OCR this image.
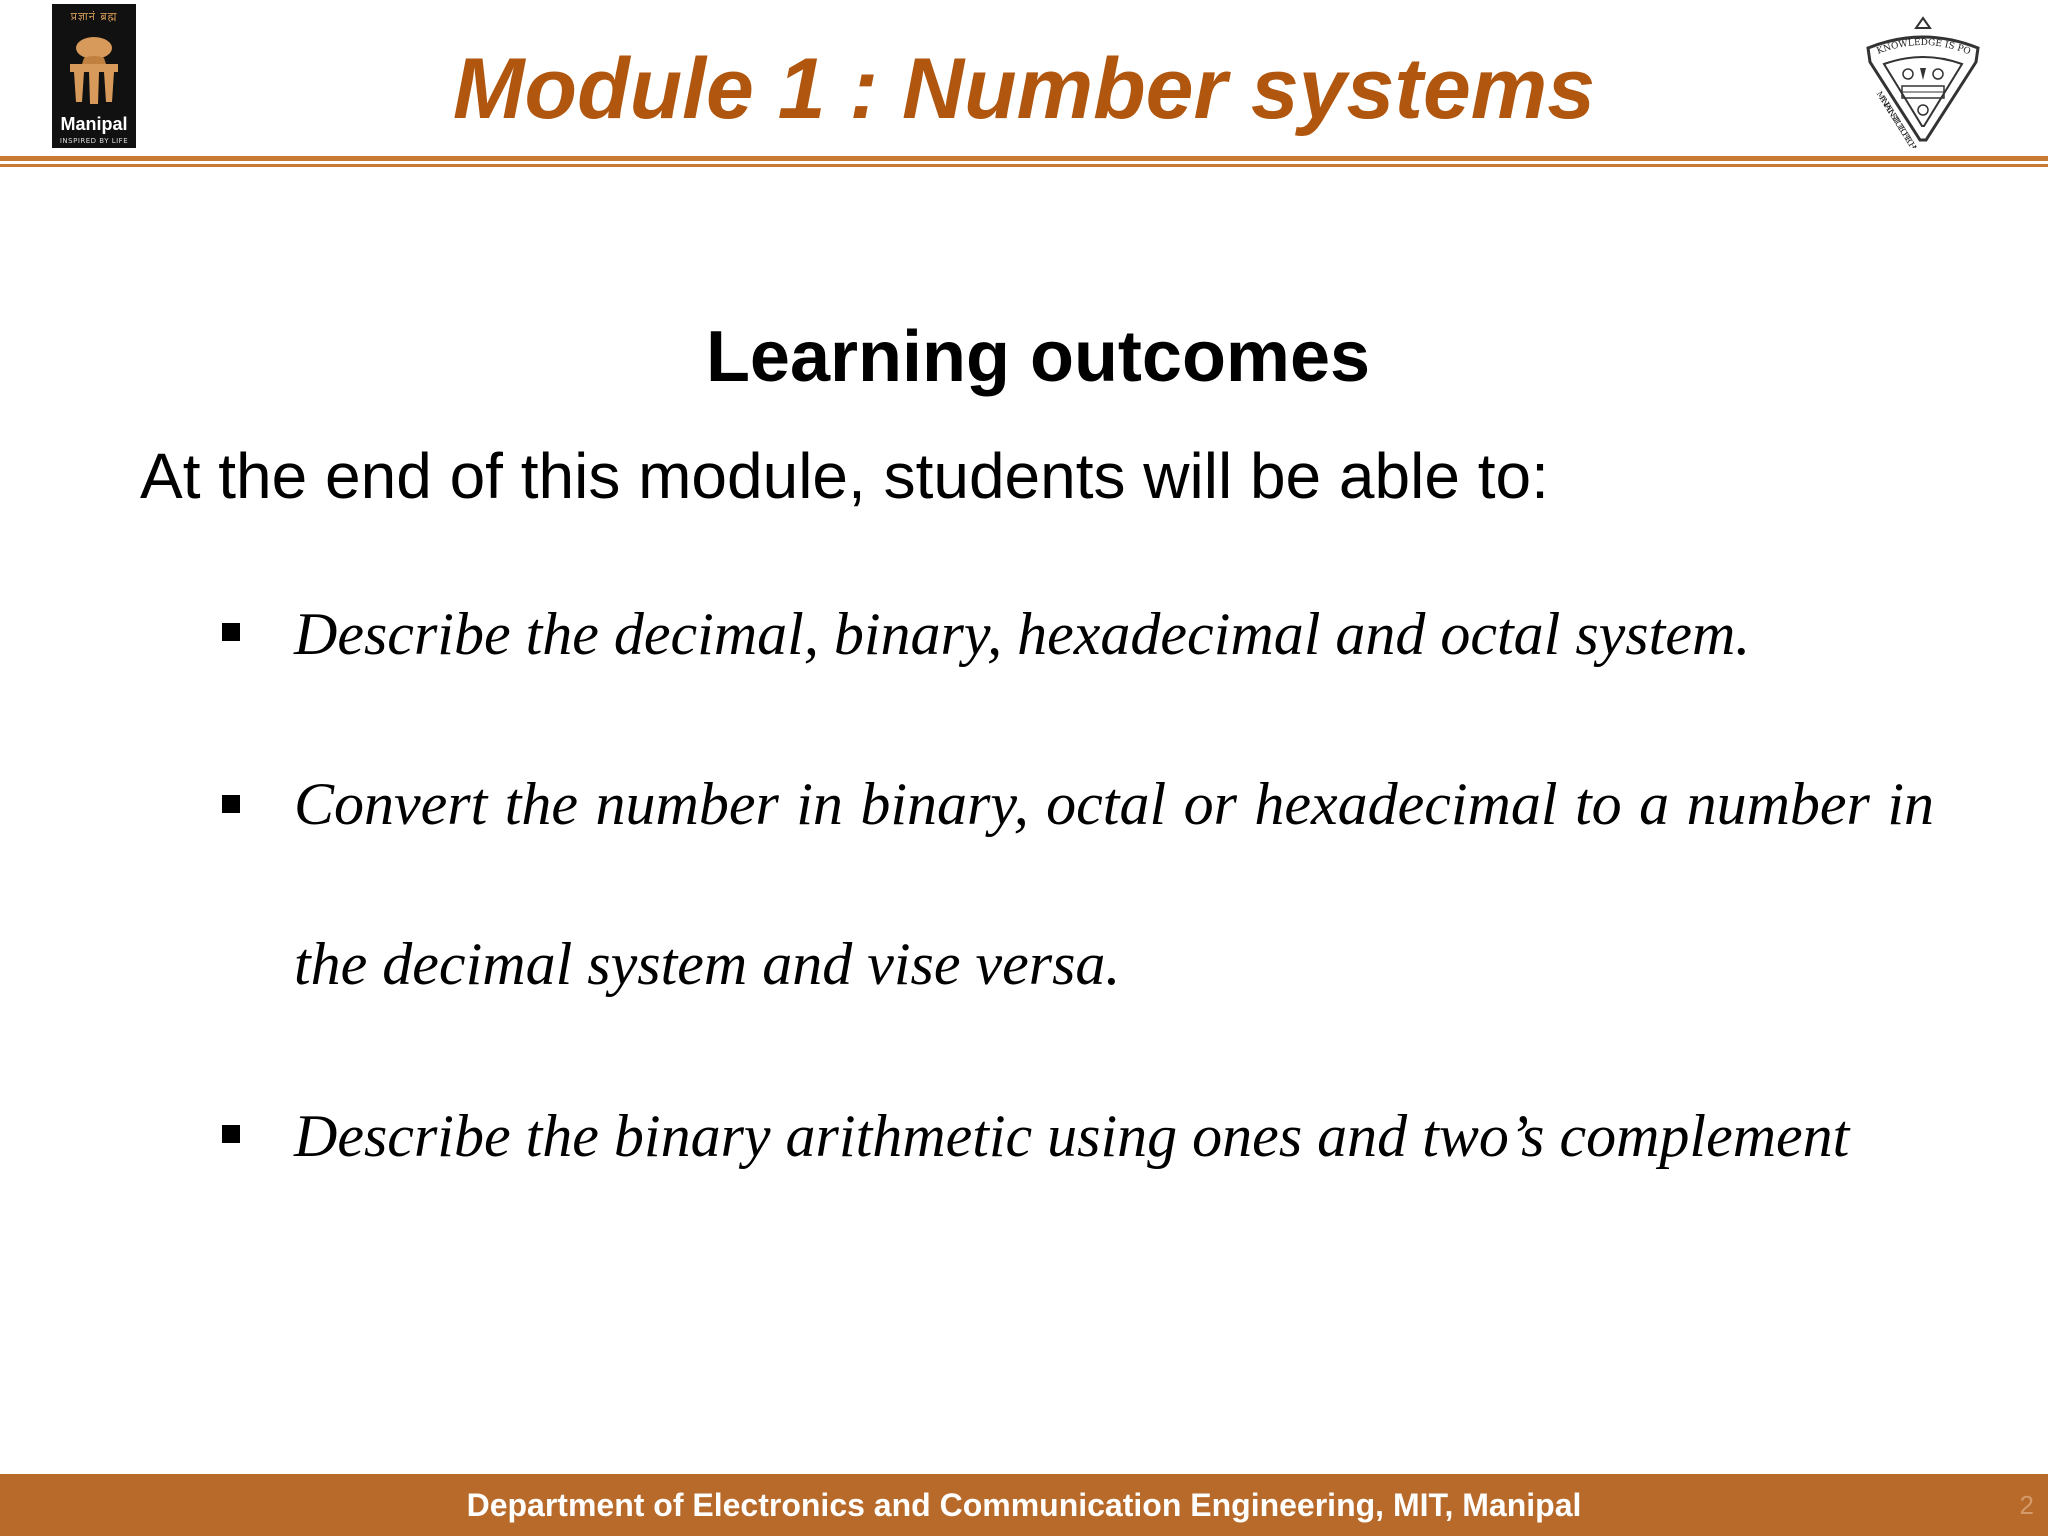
प्रज्ञानं ब्रह्म
Manipal
INSPIRED BY LIFE
Module 1 : Number systems	KNOWLEDGE IS PO
MANIPAL INSTITUTE OF TECHNOLOGY
Learning outcomes

At the end of this module, students will be able to:

Describe the decimal, binary, hexadecimal and octal system.
Convert the number in binary, octal or hexadecimal to a number in the decimal system and vise versa.
Describe the binary arithmetic using ones and two’s complement
Department of Electronics and Communication Engineering, MIT, Manipal	2
